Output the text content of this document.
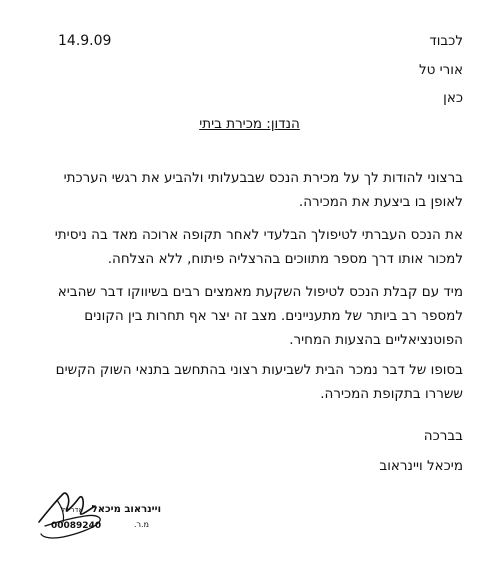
14.9.09	לכבוד
אורי טל
כאן
הנדון: מכירת ביתי
ברצוני להודות לך על מכירת הנכס שבבעלותי ולהביע את רגשי הערכתי לאופן בו ביצעת את המכירה.
את הנכס העברתי לטיפולך הבלעדי לאחר תקופה ארוכה מאד בה ניסיתי למכור אותו דרך מספר מתווכים בהרצליה פיתוח, ללא הצלחה.
מיד עם קבלת הנכס לטיפול השקעת מאמצים רבים בשיווקו דבר שהביא למספר רב ביותר של מתעניינים. מצב זה יצר אף תחרות בין הקונים הפוטנציאליים בהצעות המחיר.
בסופו של דבר נמכר הבית לשביעות רצוני בהתחשב בתנאי השוק הקשים ששררו בתקופת המכירה.
בברכה
מיכאל ויינראוב
ויינראוב מיכאל
אדריכל
מ.ר.
00089240
